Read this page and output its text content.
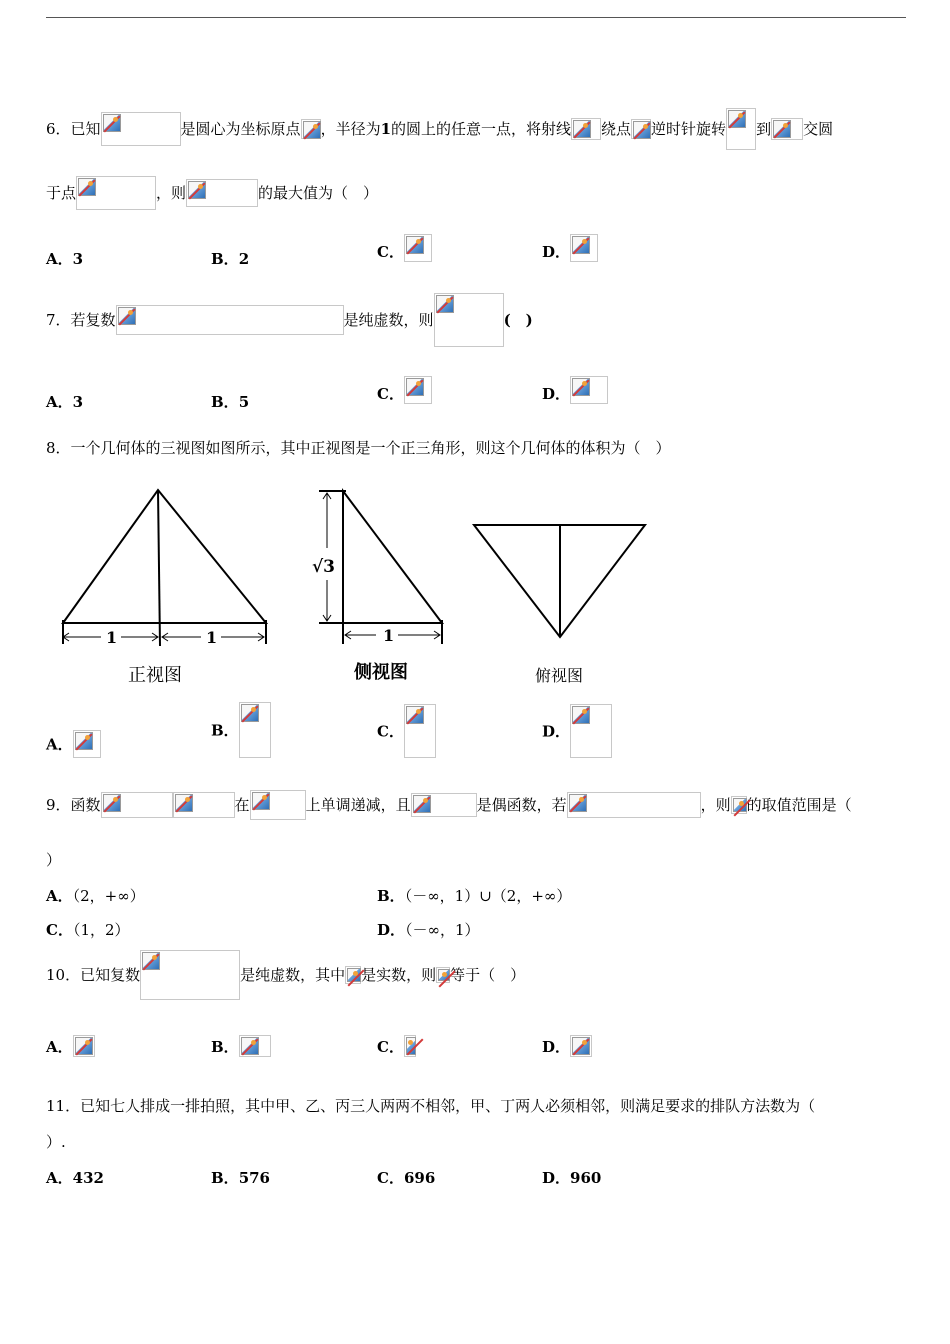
6．已知	是圆心为坐标原点 ，半径为1的圆上的任意一点，将射线 绕点 逆时针旋转 到 交圆
于点	，则	的最大值为（　）
A．3	B．2	C．	D．
7．若复数	是纯虚数，则	(　)
A．3	B．5	C．	D．
8．一个几何体的三视图如图所示，其中正视图是一个正三角形，则这个几何体的体积为（　）
1	1
正视图
√3
1
侧视图	俯视图
A．
B．	C．	D．
9．函数	在	上单调递减，且	是偶函数，若	，则 的取值范围是（
）
A．（2，+∞）	B．（－∞，1）∪（2，+∞）
C．（1，2）	D．（－∞，1）
10．已知复数	是纯虚数，其中 是实数，则 等于（　）
A．	B．	C．	D．
11．已知七人排成一排拍照，其中甲、乙、丙三人两两不相邻，甲、丁两人必须相邻，则满足要求的排队方法数为（
）.
A．432	B．576	C．696	D．960
